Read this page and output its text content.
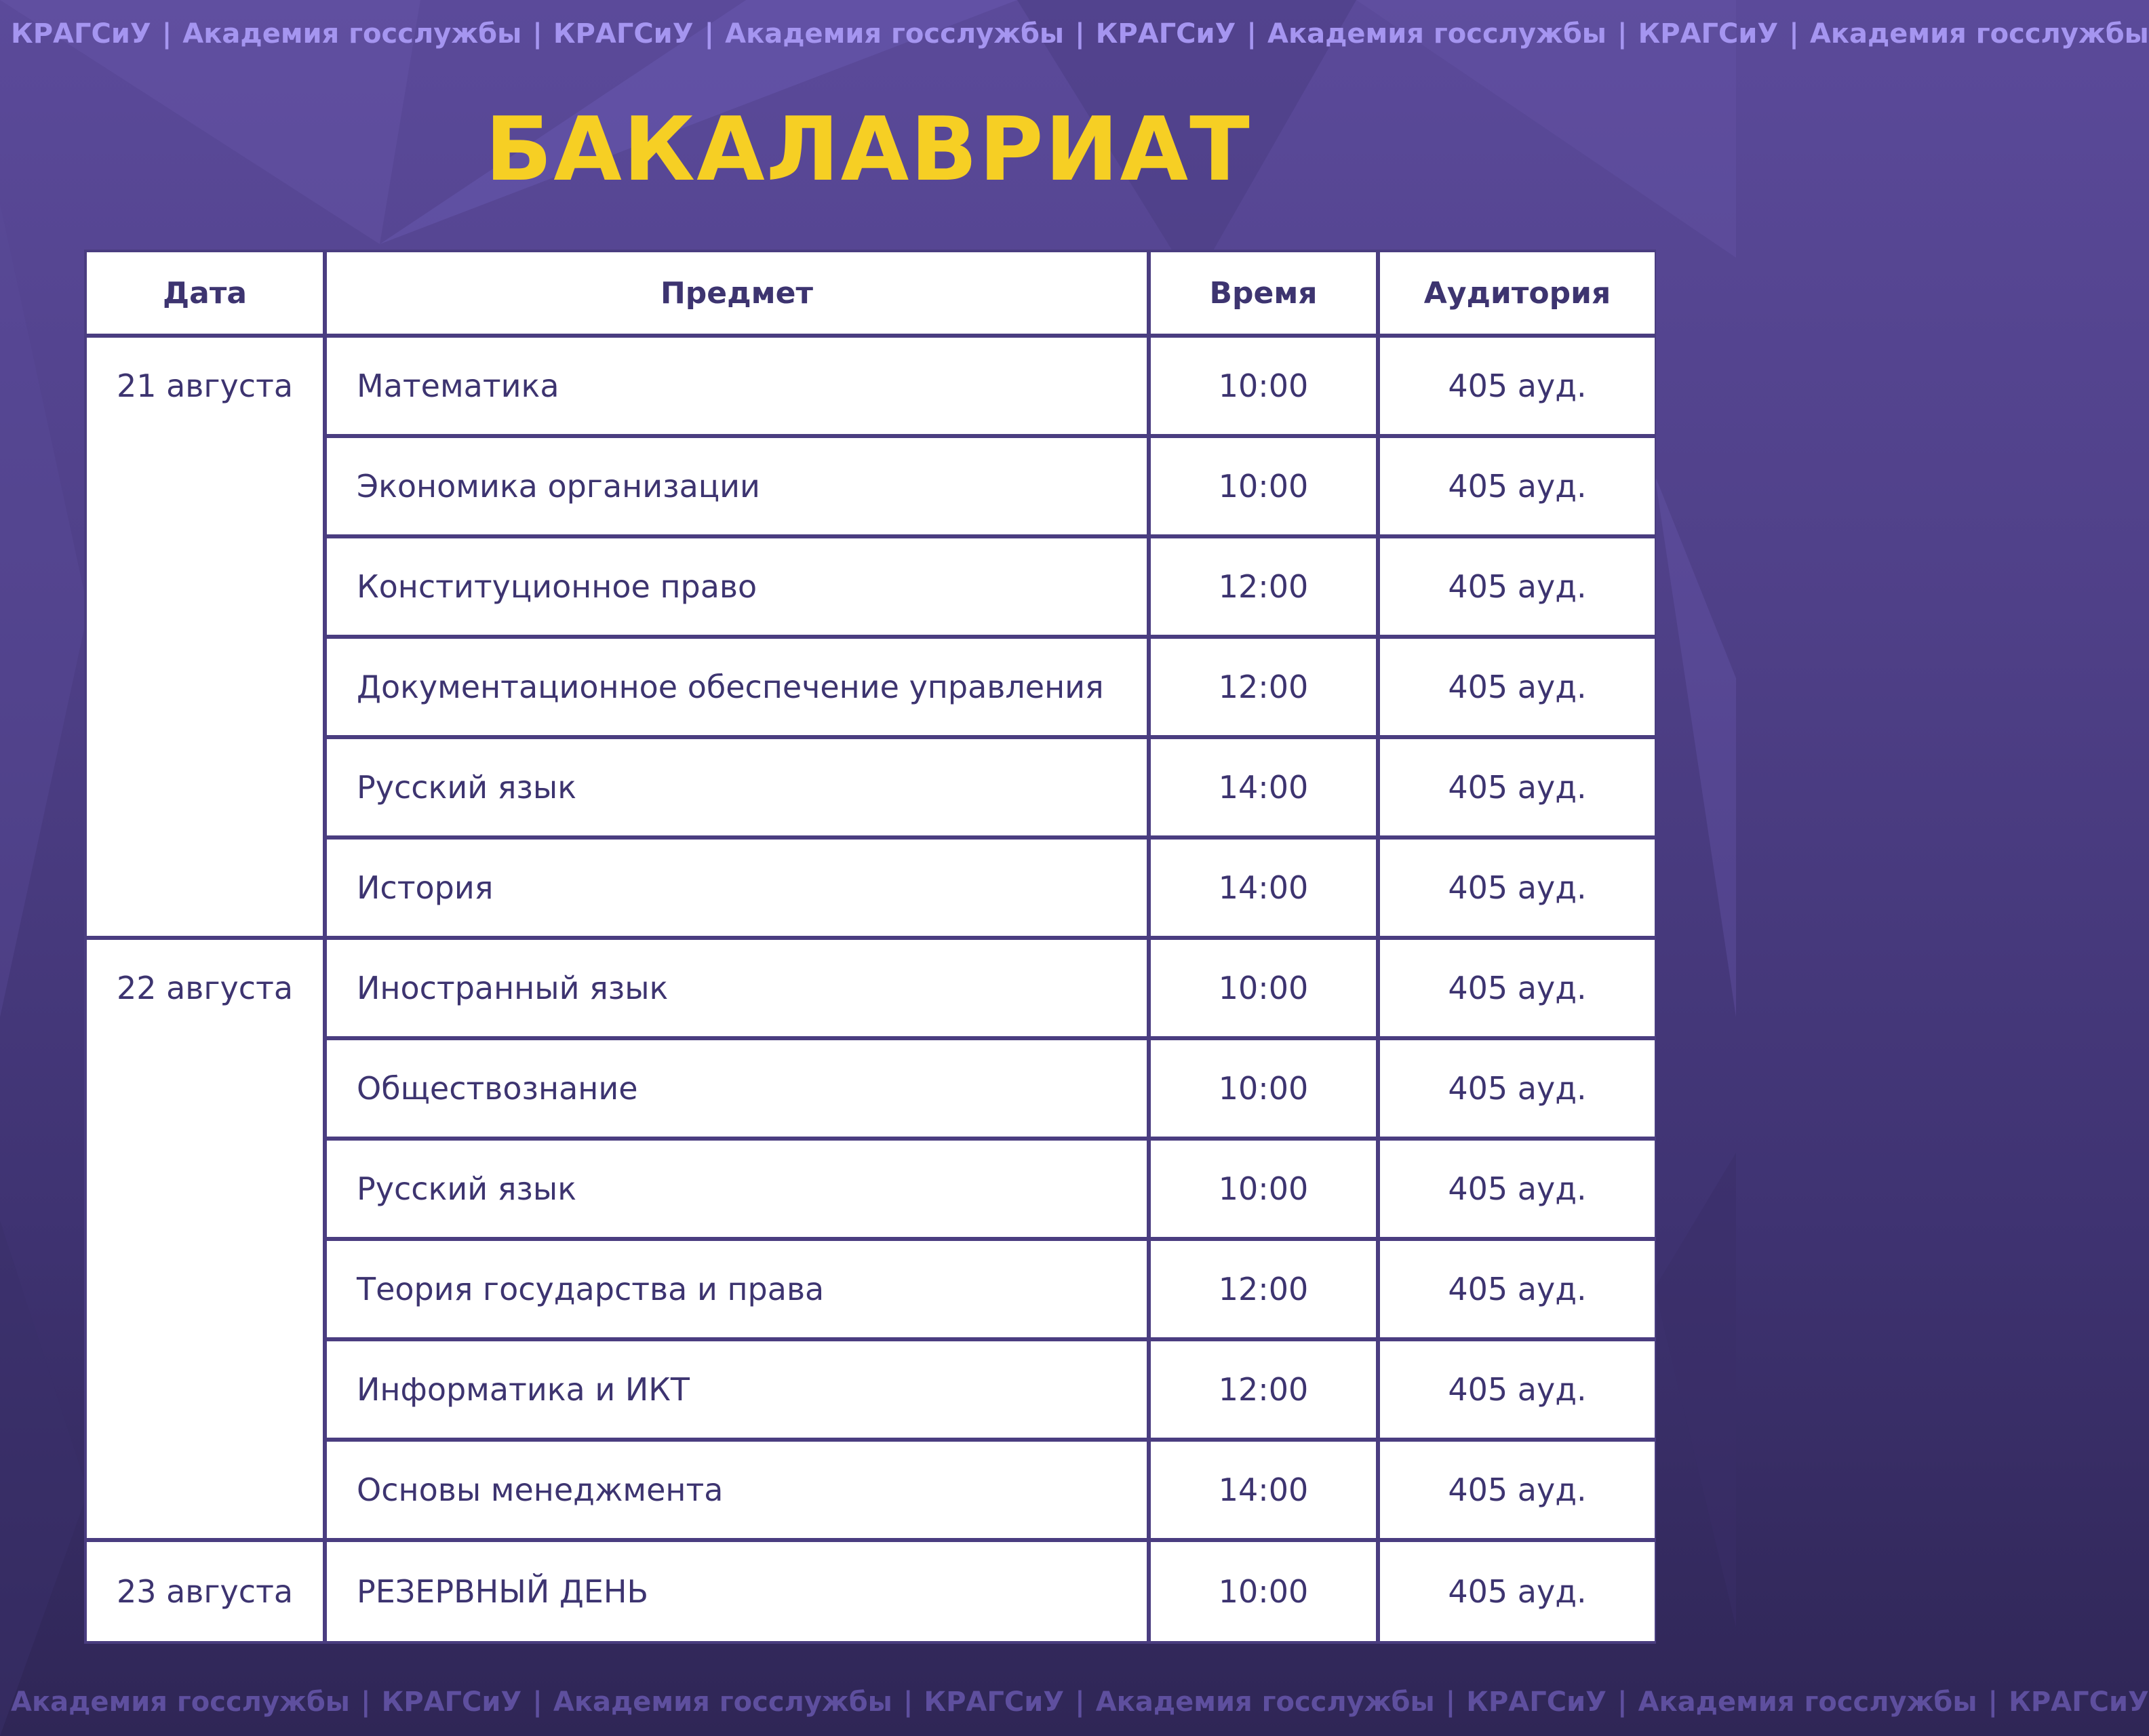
КРАГСиУ | Академия госслужбы | КРАГСиУ | Академия госслужбы | КРАГСиУ | Академия госслужбы | КРАГСиУ | Академия госслужбы
БАКАЛАВРИАТ
Дата	Предмет	Время	Аудитория
21 августа	Математика	10:00	405 ауд.
Экономика организации	10:00	405 ауд.
Конституционное право	12:00	405 ауд.
Документационное обеспечение управления	12:00	405 ауд.
Русский язык	14:00	405 ауд.
История	14:00	405 ауд.
22 августа	Иностранный язык	10:00	405 ауд.
Обществознание	10:00	405 ауд.
Русский язык	10:00	405 ауд.
Теория государства и права	12:00	405 ауд.
Информатика и ИКТ	12:00	405 ауд.
Основы менеджмента	14:00	405 ауд.
23 августа	РЕЗЕРВНЫЙ ДЕНЬ	10:00	405 ауд.
Академия госслужбы | КРАГСиУ | Академия госслужбы | КРАГСиУ | Академия госслужбы | КРАГСиУ | Академия госслужбы | КРАГСиУ
